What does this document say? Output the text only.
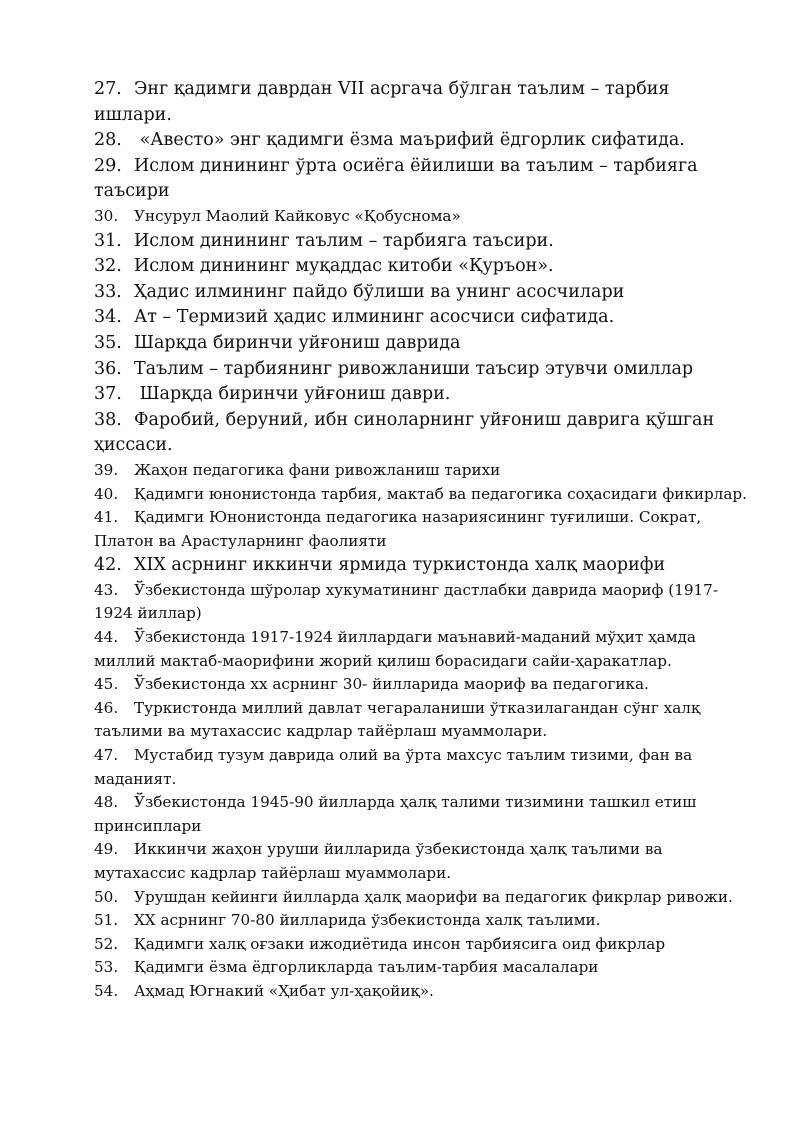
27. Энг қадимги даврдан VII асргача бўлган таълим – тарбия ишлари.
28. «Авесто» энг қадимги ёзма маърифий ёдгорлик сифатида.
29. Ислом динининг ўрта осиёга ёйилиши ва таълим – тарбияга таъсири
30. Унсурул Маолий Кайковус «Қобуснома»
31. Ислом динининг таълим – тарбияга таъсири.
32. Ислом динининг муқаддас китоби «Қуръон».
33. Ҳадис илмининг пайдо бўлиши ва унинг асосчилари
34. Ат – Термизий ҳадис илмининг асосчиси сифатида.
35. Шарқда биринчи уйғониш даврида
36. Таълим – тарбиянинг ривожланиши таъсир этувчи омиллар
37. Шарқда биринчи уйғониш даври.
38. Фаробий, беруний, ибн синоларнинг уйғониш даврига қўшган ҳиссаси.
39. Жаҳон педагогика фани ривожланиш тарихи
40. Қадимги юнонистонда тарбия, мактаб ва педагогика соҳасидаги фикирлар.
41. Қадимги Юнонистонда педагогика назариясининг туғилиши. Сократ, Платон ва Арастуларнинг фаолияти
42. XIX асрнинг иккинчи ярмида туркистонда халқ маорифи
43. Ўзбекистонда шўролар хукуматининг дастлабки даврида маориф (1917-1924 йиллар)
44. Ўзбекистонда 1917-1924 йиллардаги маънавий-маданий мўҳит ҳамда миллий мактаб-маорифини жорий қилиш борасидаги сайи-ҳаракатлар.
45. Ўзбекистонда хх асрнинг 30- йилларида маориф ва педагогика.
46. Туркистонда миллий давлат чегараланиши ўтказилагандан сўнг халқ таълими ва мутахассис кадрлар тайёрлаш муаммолари.
47. Мустабид тузум даврида олий ва ўрта махсус таълим тизими, фан ва маданият.
48. Ўзбекистонда 1945-90 йилларда ҳалқ талими тизимини ташкил етиш принсиплари
49. Иккинчи жаҳон уруши йилларида ўзбекистонда ҳалқ таълими ва мутахассис кадрлар тайёрлаш муаммолари.
50. Урушдан кейинги йилларда ҳалқ маорифи ва педагогик фикрлар ривожи.
51. XX асрнинг 70-80 йилларида ўзбекистонда халқ таълими.
52. Қадимги халқ оғзаки ижодиётида инсон тарбиясига оид фикрлар
53. Қадимги ёзма ёдгорликларда таълим-тарбия масалалари
54. Аҳмад Югнакий «Ҳибат ул-ҳақойиқ».
